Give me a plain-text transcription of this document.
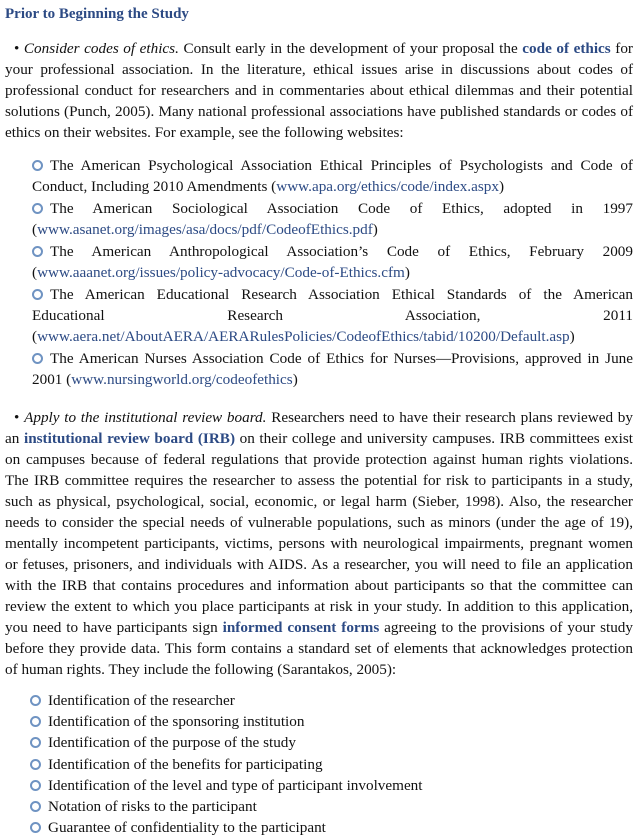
Prior to Beginning the Study

• Consider codes of ethics. Consult early in the development of your proposal the code of ethics for your professional association. In the literature, ethical issues arise in discussions about codes of professional conduct for researchers and in commentaries about ethical dilemmas and their potential solutions (Punch, 2005). Many national professional associations have published standards or codes of ethics on their websites. For example, see the following websites:

The American Psychological Association Ethical Principles of Psychologists and Code of Conduct, Including 2010 Amendments (www.apa.org/ethics/code/index.aspx)
The American Sociological Association Code of Ethics, adopted in 1997 (www.asanet.org/images/asa/docs/pdf/CodeofEthics.pdf)
The American Anthropological Association’s Code of Ethics, February 2009 (www.aaanet.org/issues/policy-advocacy/Code-of-Ethics.cfm)
The American Educational Research Association Ethical Standards of the American Educational Research Association, 2011 (www.aera.net/AboutAERA/AERARulesPolicies/CodeofEthics/tabid/10200/Default.asp)
The American Nurses Association Code of Ethics for Nurses—Provisions, approved in June 2001 (www.nursingworld.org/codeofethics)

• Apply to the institutional review board. Researchers need to have their research plans reviewed by an institutional review board (IRB) on their college and university campuses. IRB committees exist on campuses because of federal regulations that provide protection against human rights violations. The IRB committee requires the researcher to assess the potential for risk to participants in a study, such as physical, psychological, social, economic, or legal harm (Sieber, 1998). Also, the researcher needs to consider the special needs of vulnerable populations, such as minors (under the age of 19), mentally incompetent participants, victims, persons with neurological impairments, pregnant women or fetuses, prisoners, and individuals with AIDS. As a researcher, you will need to file an application with the IRB that contains procedures and information about participants so that the committee can review the extent to which you place participants at risk in your study. In addition to this application, you need to have participants sign informed consent forms agreeing to the provisions of your study before they provide data. This form contains a standard set of elements that acknowledges protection of human rights. They include the following (Sarantakos, 2005):

Identification of the researcher
Identification of the sponsoring institution
Identification of the purpose of the study
Identification of the benefits for participating
Identification of the level and type of participant involvement
Notation of risks to the participant
Guarantee of confidentiality to the participant
